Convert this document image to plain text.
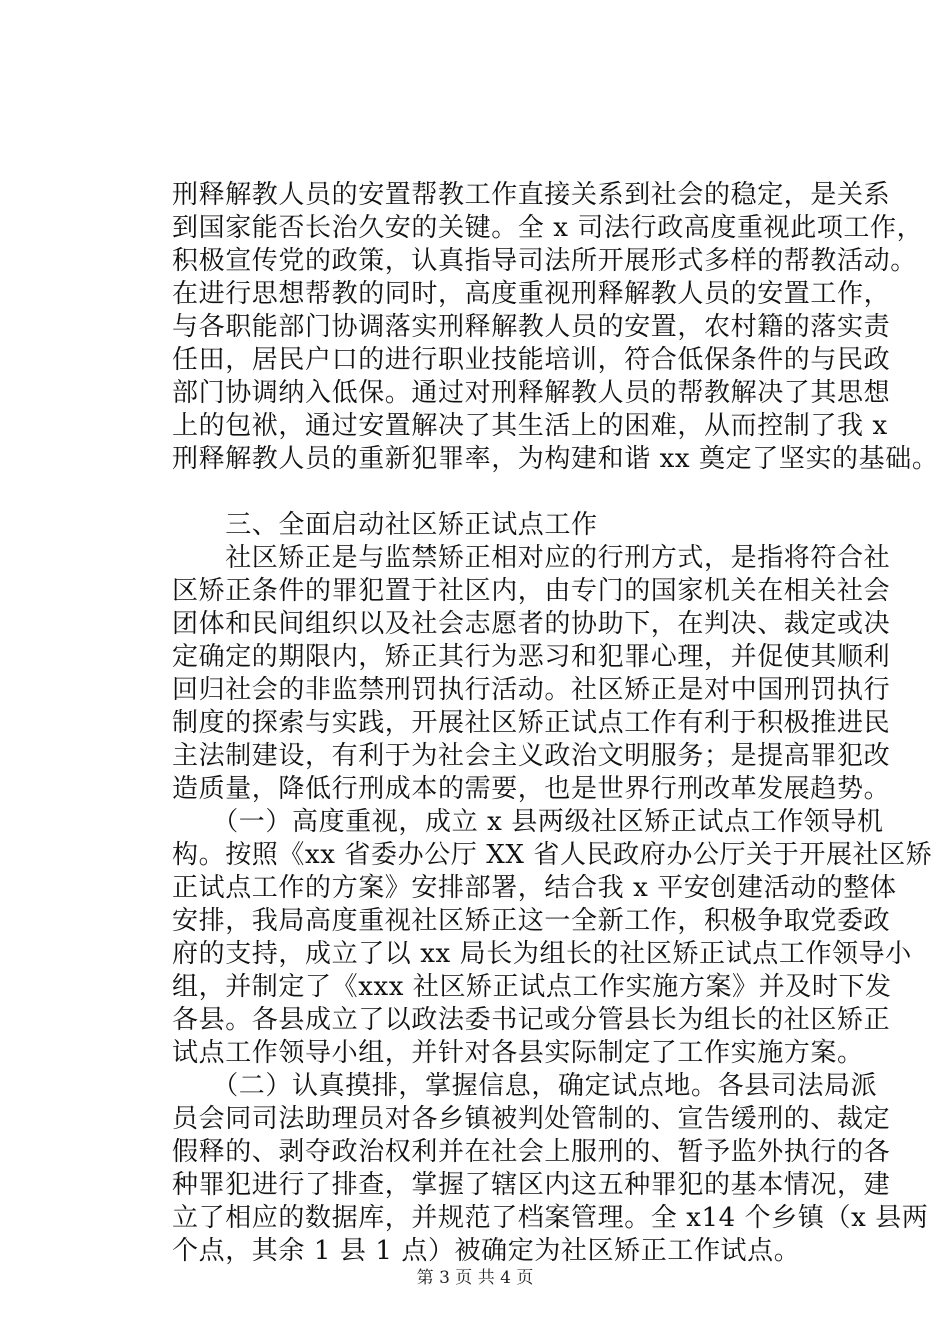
刑释解教人员的安置帮教工作直接关系到社会的稳定，是关系
到国家能否长治久安的关键。全 x 司法行政高度重视此项工作，
积极宣传党的政策，认真指导司法所开展形式多样的帮教活动。
在进行思想帮教的同时，高度重视刑释解教人员的安置工作，
与各职能部门协调落实刑释解教人员的安置，农村籍的落实责
任田，居民户口的进行职业技能培训，符合低保条件的与民政
部门协调纳入低保。通过对刑释解教人员的帮教解决了其思想
上的包袱，通过安置解决了其生活上的困难，从而控制了我 x
刑释解教人员的重新犯罪率，为构建和谐 xx 奠定了坚实的基础。
　　三、全面启动社区矫正试点工作
　　社区矫正是与监禁矫正相对应的行刑方式，是指将符合社
区矫正条件的罪犯置于社区内，由专门的国家机关在相关社会
团体和民间组织以及社会志愿者的协助下，在判决、裁定或决
定确定的期限内，矫正其行为恶习和犯罪心理，并促使其顺利
回归社会的非监禁刑罚执行活动。社区矫正是对中国刑罚执行
制度的探索与实践，开展社区矫正试点工作有利于积极推进民
主法制建设，有利于为社会主义政治文明服务；是提高罪犯改
造质量，降低行刑成本的需要，也是世界行刑改革发展趋势。
　　（一）高度重视，成立 x 县两级社区矫正试点工作领导机
构。按照《xx 省委办公厅 XX 省人民政府办公厅关于开展社区矫
正试点工作的方案》安排部署，结合我 x 平安创建活动的整体
安排，我局高度重视社区矫正这一全新工作，积极争取党委政
府的支持，成立了以 xx 局长为组长的社区矫正试点工作领导小
组，并制定了《xxx 社区矫正试点工作实施方案》并及时下发
各县。各县成立了以政法委书记或分管县长为组长的社区矫正
试点工作领导小组，并针对各县实际制定了工作实施方案。
　　（二）认真摸排，掌握信息，确定试点地。各县司法局派
员会同司法助理员对各乡镇被判处管制的、宣告缓刑的、裁定
假释的、剥夺政治权利并在社会上服刑的、暂予监外执行的各
种罪犯进行了排查，掌握了辖区内这五种罪犯的基本情况，建
立了相应的数据库，并规范了档案管理。全 x14 个乡镇（x 县两
个点，其余 1 县 1 点）被确定为社区矫正工作试点。
第 3 页 共 4 页
